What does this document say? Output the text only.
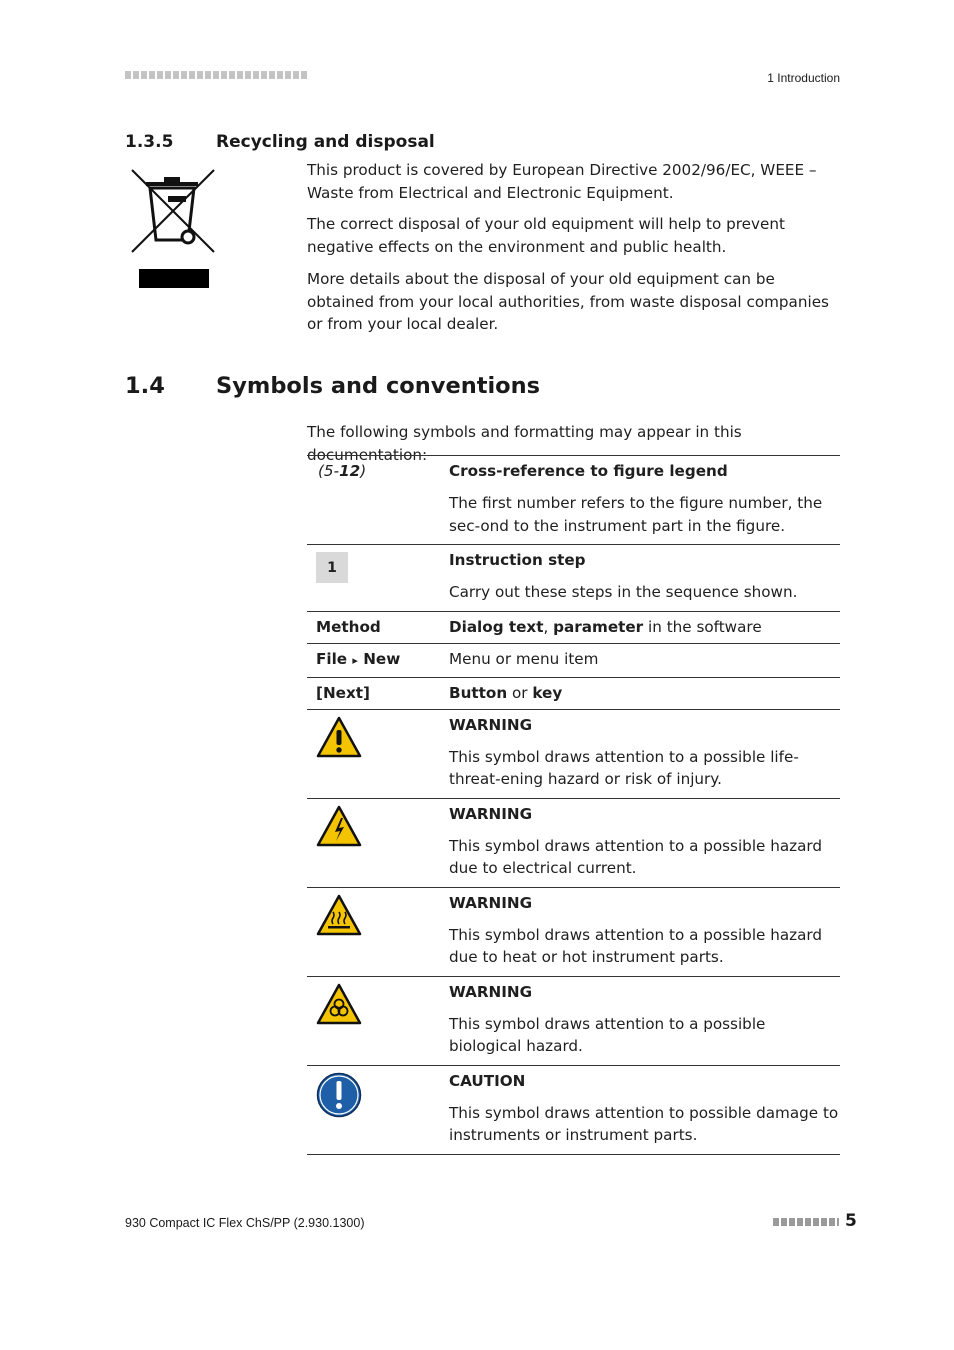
1 Introduction
1.3.5	Recycling and disposal
This product is covered by European Directive 2002/96/EC, WEEE – Waste from Electrical and Electronic Equipment.
The correct disposal of your old equipment will help to prevent negative effects on the environment and public health.
More details about the disposal of your old equipment can be obtained from your local authorities, from waste disposal companies or from your local dealer.
1.4 Symbols and conventions
The following symbols and formatting may appear in this documentation:
(5-12)	Cross-reference to figure legend
The first number refers to the figure number, the sec-ond to the instrument part in the figure.

1	Instruction step
Carry out these steps in the sequence shown.

Method	Dialog text, parameter in the software

File ▸ New	Menu or menu item

[Next]	Button or key

WARNING
This symbol draws attention to a possible life-threat-ening hazard or risk of injury.

WARNING
This symbol draws attention to a possible hazard due to electrical current.

WARNING
This symbol draws attention to a possible hazard due to heat or hot instrument parts.

WARNING
This symbol draws attention to a possible biological hazard.

CAUTION
This symbol draws attention to possible damage to instruments or instrument parts.
930 Compact IC Flex ChS/PP (2.930.1300)	5
